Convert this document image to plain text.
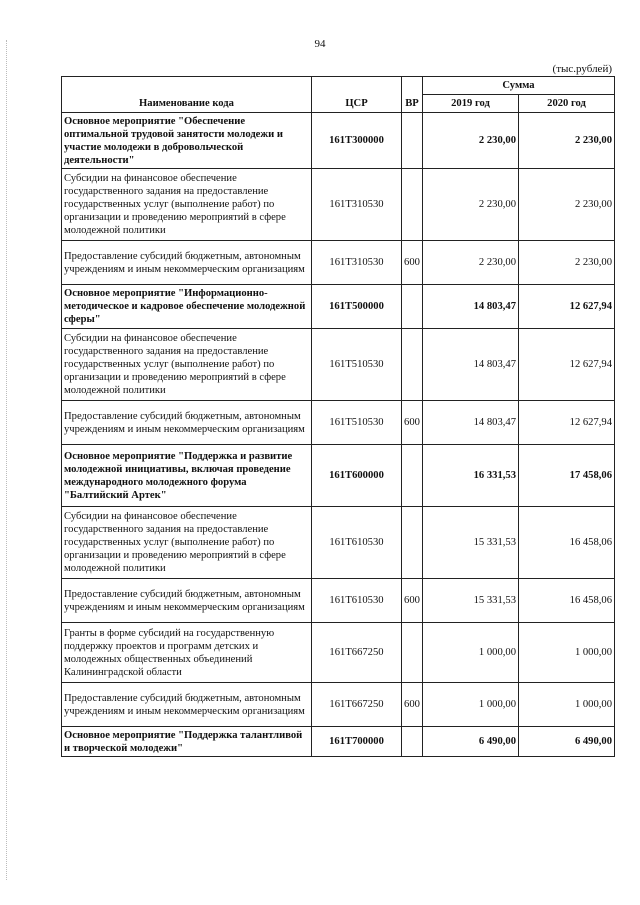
94
(тыс.рублей)
Наименование кода	ЦСР	ВР	Сумма	
			2019 год	2020 год
Основное мероприятие "Обеспечение оптимальной трудовой занятости молодежи и участие молодежи в добровольческой деятельности"	161Т300000		2 230,00	2 230,00
Субсидии на финансовое обеспечение государственного задания на предоставление государственных услуг (выполнение работ) по организации и проведению мероприятий в сфере молодежной политики	161Т310530		2 230,00	2 230,00
Предоставление субсидий бюджетным, автономным учреждениям и иным некоммерческим организациям	161Т310530	600	2 230,00	2 230,00
Основное мероприятие "Информационно-методическое и кадровое обеспечение молодежной сферы"	161Т500000		14 803,47	12 627,94
Субсидии на финансовое обеспечение государственного задания на предоставление государственных услуг (выполнение работ) по организации и проведению мероприятий в сфере молодежной политики	161Т510530		14 803,47	12 627,94
Предоставление субсидий бюджетным, автономным учреждениям и иным некоммерческим организациям	161Т510530	600	14 803,47	12 627,94
Основное мероприятие "Поддержка и развитие молодежной инициативы, включая проведение международного молодежного форума "Балтийский Артек"	161Т600000		16 331,53	17 458,06
Субсидии на финансовое обеспечение государственного задания на предоставление государственных услуг (выполнение работ) по организации и проведению мероприятий в сфере молодежной политики	161Т610530		15 331,53	16 458,06
Предоставление субсидий бюджетным, автономным учреждениям и иным некоммерческим организациям	161Т610530	600	15 331,53	16 458,06
Гранты в форме субсидий на государственную поддержку проектов и программ детских и молодежных общественных объединений Калининградской области	161Т667250		1 000,00	1 000,00
Предоставление субсидий бюджетным, автономным учреждениям и иным некоммерческим организациям	161Т667250	600	1 000,00	1 000,00
Основное мероприятие "Поддержка талантливой и творческой молодежи"	161Т700000		6 490,00	6 490,00
